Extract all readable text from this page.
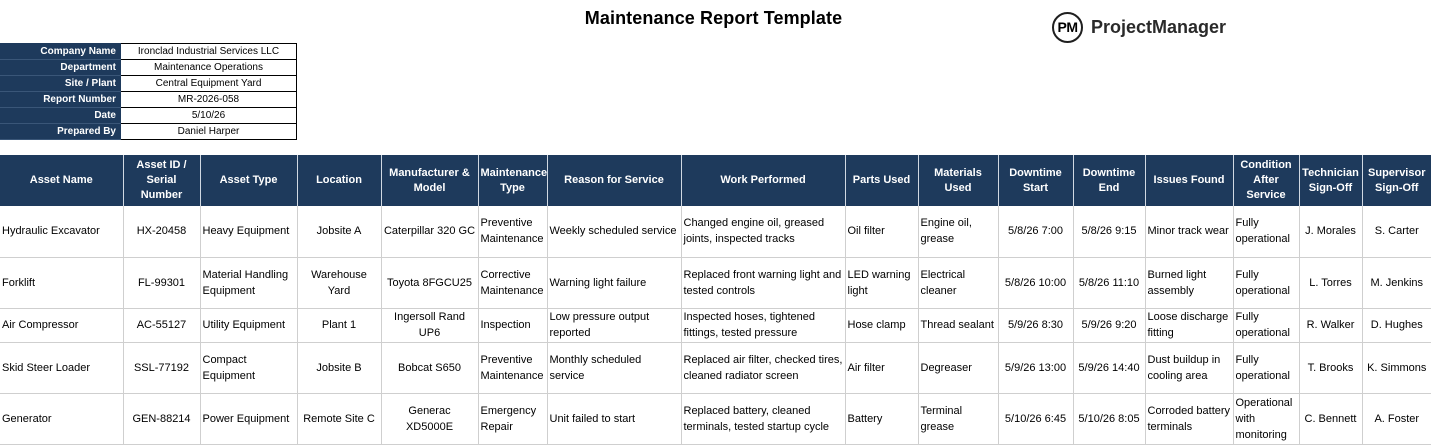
Maintenance Report Template	PM ProjectManager
Company Name	Ironclad Industrial Services LLC
Department	Maintenance Operations
Site / Plant	Central Equipment Yard
Report Number	MR-2026-058
Date	5/10/26
Prepared By	Daniel Harper
Asset Name	Asset ID / Serial Number	Asset Type	Location	Manufacturer & Model	Maintenance Type	Reason for Service	Work Performed	Parts Used	Materials Used	Downtime Start	Downtime End	Issues Found	Condition After Service	Technician Sign-Off	Supervisor Sign-Off
Hydraulic Excavator	HX-20458	Heavy Equipment	Jobsite A	Caterpillar 320 GC	Preventive Maintenance	Weekly scheduled service	Changed engine oil, greased joints, inspected tracks	Oil filter	Engine oil, grease	5/8/26 7:00	5/8/26 9:15	Minor track wear	Fully operational	J. Morales	S. Carter
Forklift	FL-99301	Material Handling Equipment	Warehouse Yard	Toyota 8FGCU25	Corrective Maintenance	Warning light failure	Replaced front warning light and tested controls	LED warning light	Electrical cleaner	5/8/26 10:00	5/8/26 11:10	Burned light assembly	Fully operational	L. Torres	M. Jenkins
Air Compressor	AC-55127	Utility Equipment	Plant 1	Ingersoll Rand UP6	Inspection	Low pressure output reported	Inspected hoses, tightened fittings, tested pressure	Hose clamp	Thread sealant	5/9/26 8:30	5/9/26 9:20	Loose discharge fitting	Fully operational	R. Walker	D. Hughes
Skid Steer Loader	SSL-77192	Compact Equipment	Jobsite B	Bobcat S650	Preventive Maintenance	Monthly scheduled service	Replaced air filter, checked tires, cleaned radiator screen	Air filter	Degreaser	5/9/26 13:00	5/9/26 14:40	Dust buildup in cooling area	Fully operational	T. Brooks	K. Simmons
Generator	GEN-88214	Power Equipment	Remote Site C	Generac XD5000E	Emergency Repair	Unit failed to start	Replaced battery, cleaned terminals, tested startup cycle	Battery	Terminal grease	5/10/26 6:45	5/10/26 8:05	Corroded battery terminals	Operational with monitoring	C. Bennett	A. Foster
